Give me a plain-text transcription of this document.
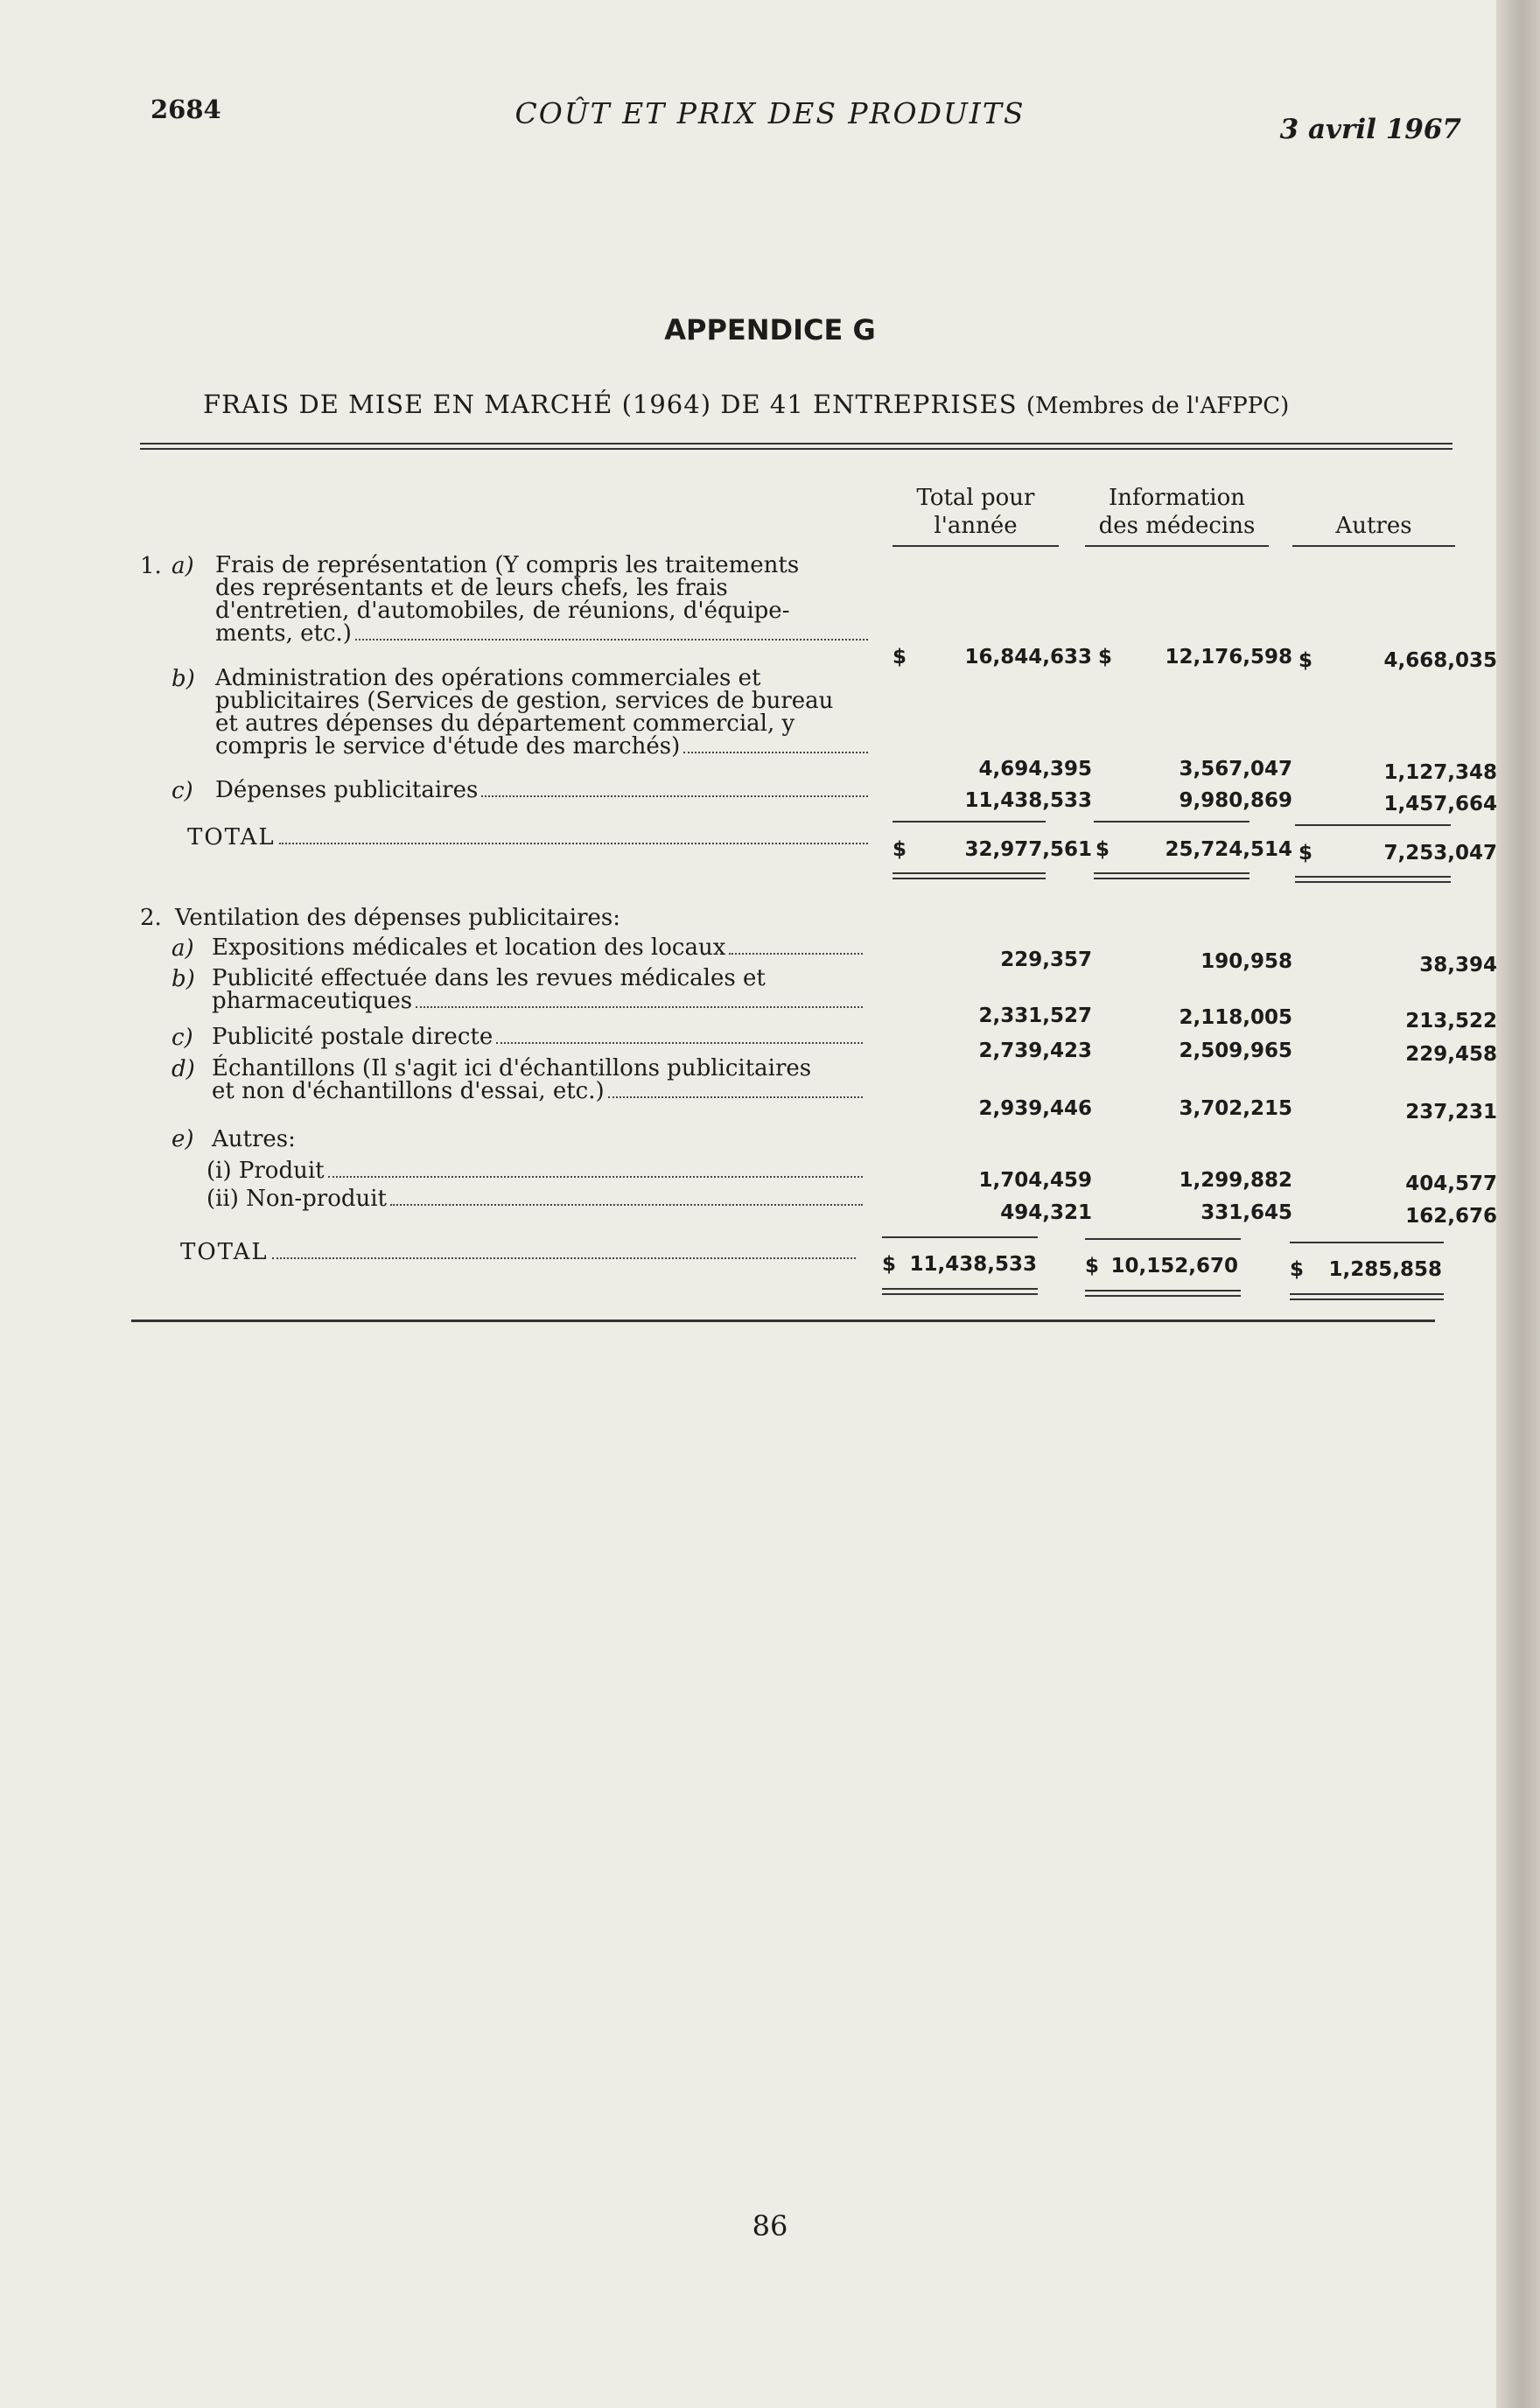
2684	COÛT ET PRIX DES PRODUITS	3 avril 1967
APPENDICE G
FRAIS DE MISE EN MARCHÉ (1964) DE 41 ENTREPRISES (Membres de l'AFPPC)
Total pour
l'année
Information
des médecins	Autres
1. a) Frais de représentation (Y compris les traitements
des représentants et de leurs chefs, les frais
d'entretien, d'automobiles, de réunions, d'équipe-
ments, etc.)
$	16,844,633 $	12,176,598 $	4,668,035
b) Administration des opérations commerciales et
publicitaires (Services de gestion, services de bureau
et autres dépenses du département commercial, y
compris le service d'étude des marchés)
4,694,395	3,567,047	1,127,348
c) Dépenses publicitaires	11,438,533	9,980,869	1,457,664
TOTAL	$	32,977,561 $	25,724,514 $	7,253,047
2. Ventilation des dépenses publicitaires:
a) Expositions médicales et location des locaux	229,357	190,958	38,394
b) Publicité effectuée dans les revues médicales et
pharmaceutiques
2,331,527	2,118,005	213,522
c) Publicité postale directe
2,739,423	2,509,965	229,458
d) Échantillons (Il s'agit ici d'échantillons publicitaires
et non d'échantillons d'essai, etc.)
2,939,446	3,702,215	237,231
e) Autres:
(i) Produit	1,704,459	1,299,882	404,577
(ii) Non-produit
494,321	331,645	162,676
TOTAL	$ 11,438,533 $ 10,152,670	$	1,285,858
86
